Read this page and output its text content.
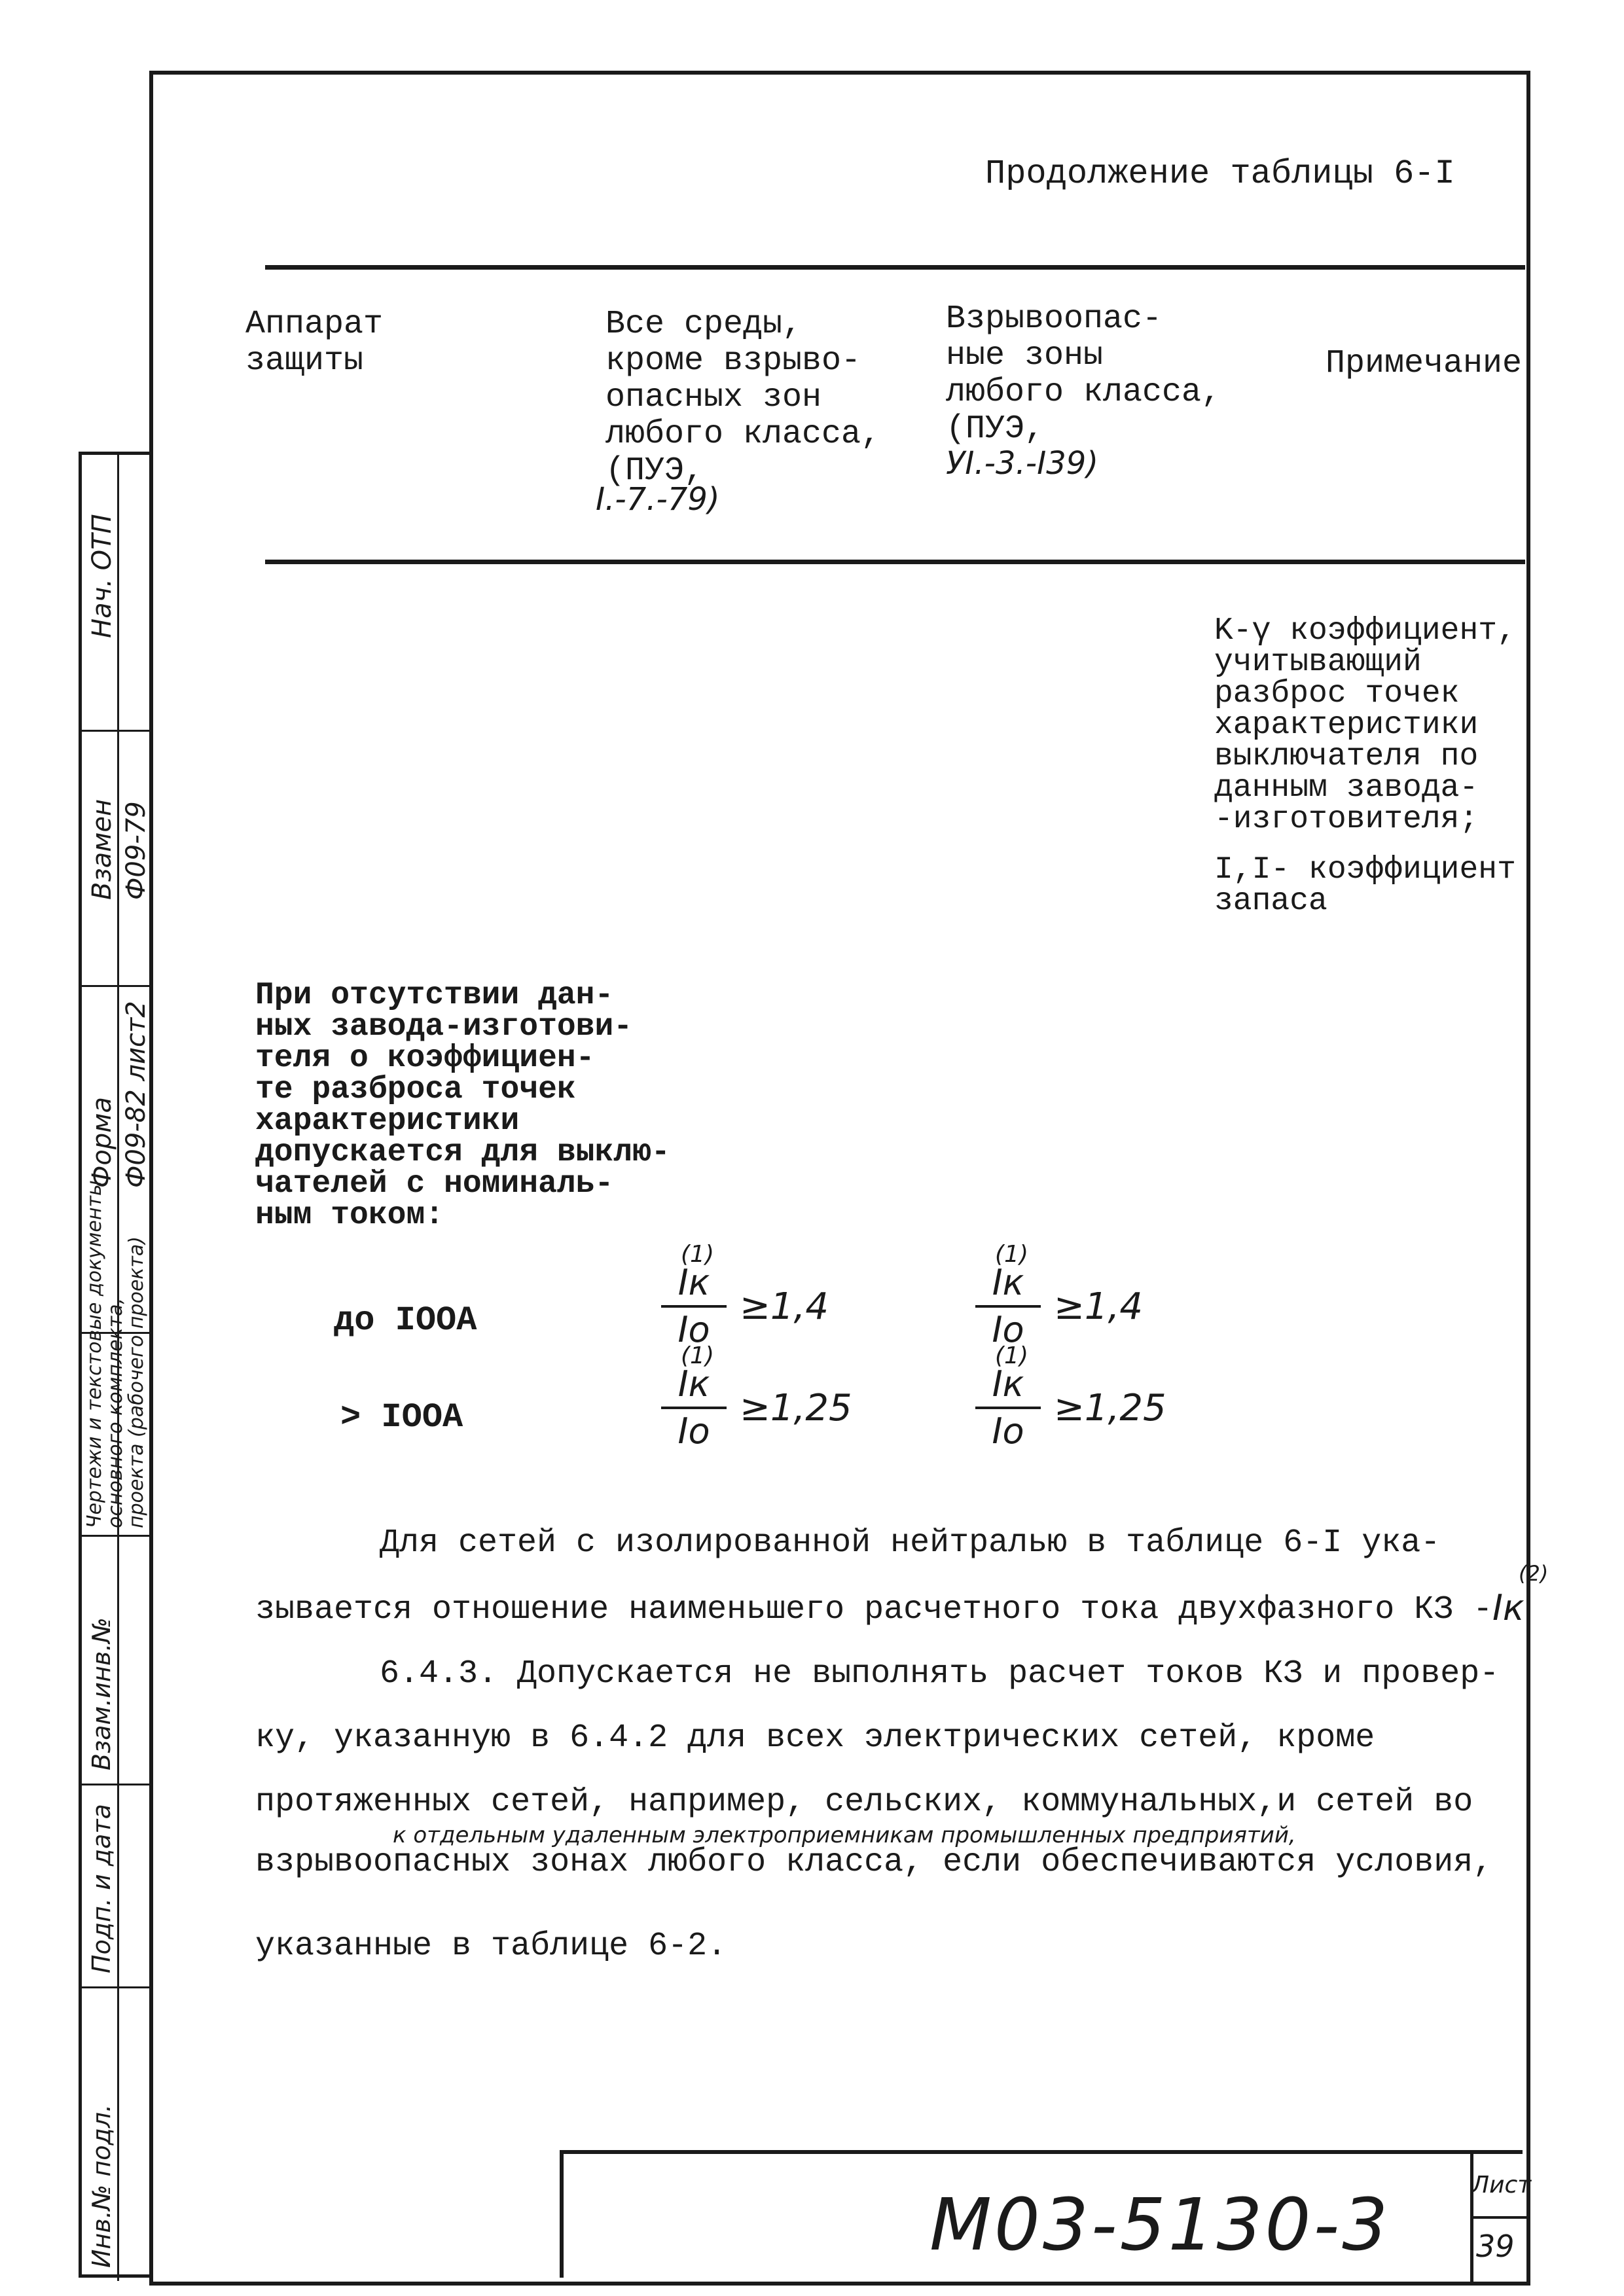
Нач. ОТП
Взамен Ф09-79
Форма Ф09-82 лист2
Чертежи и текстовые документы
основного комплекта,
проекта (рабочего проекта)
Взам.инв.№
Подп. и дата
Инв.№ подл.
Продолжение таблицы 6-I
Аппарат
защиты
Все среды,
кроме взрыво-
опасных зон
любого класса,
(ПУЭ,
I.-7.-79)
Взрывоопас-
ные зоны
любого класса,
(ПУЭ,
УI.-3.-I39)
Примечание
K-γ коэффициент,
учитывающий
разброс точек
характеристики
выключателя по
данным завода-
-изготовителя;
I,I- коэффициент
запаса
При отсутствии дан-
ных завода-изготови-
теля о коэффициен-
те разброса точек
характеристики
допускается для выклю-
чателей с номиналь-
ным током:
до IOOA
(1)
Iк
Iо
≥1,4
(1)
Iк
Iо
≥1,4
> IOOA
(1)
Iк
Iо
≥1,25
(1)
Iк
Iо
≥1,25
Для сетей с изолированной нейтралью в таблице 6-I ука-
зывается отношение наименьшего расчетного тока двухфазного КЗ - Iк
(2)
6.4.3. Допускается не выполнять расчет токов КЗ и провер-
ку, указанную в 6.4.2 для всех электрических сетей, кроме
протяженных сетей, например, сельских, коммунальных,и сетей во
к отдельным удаленным электроприемникам промышленных предприятий,
взрывоопасных зонах любого класса, если обеспечиваются условия,
указанные в таблице 6-2.
М03-5130-3	Лист
39
